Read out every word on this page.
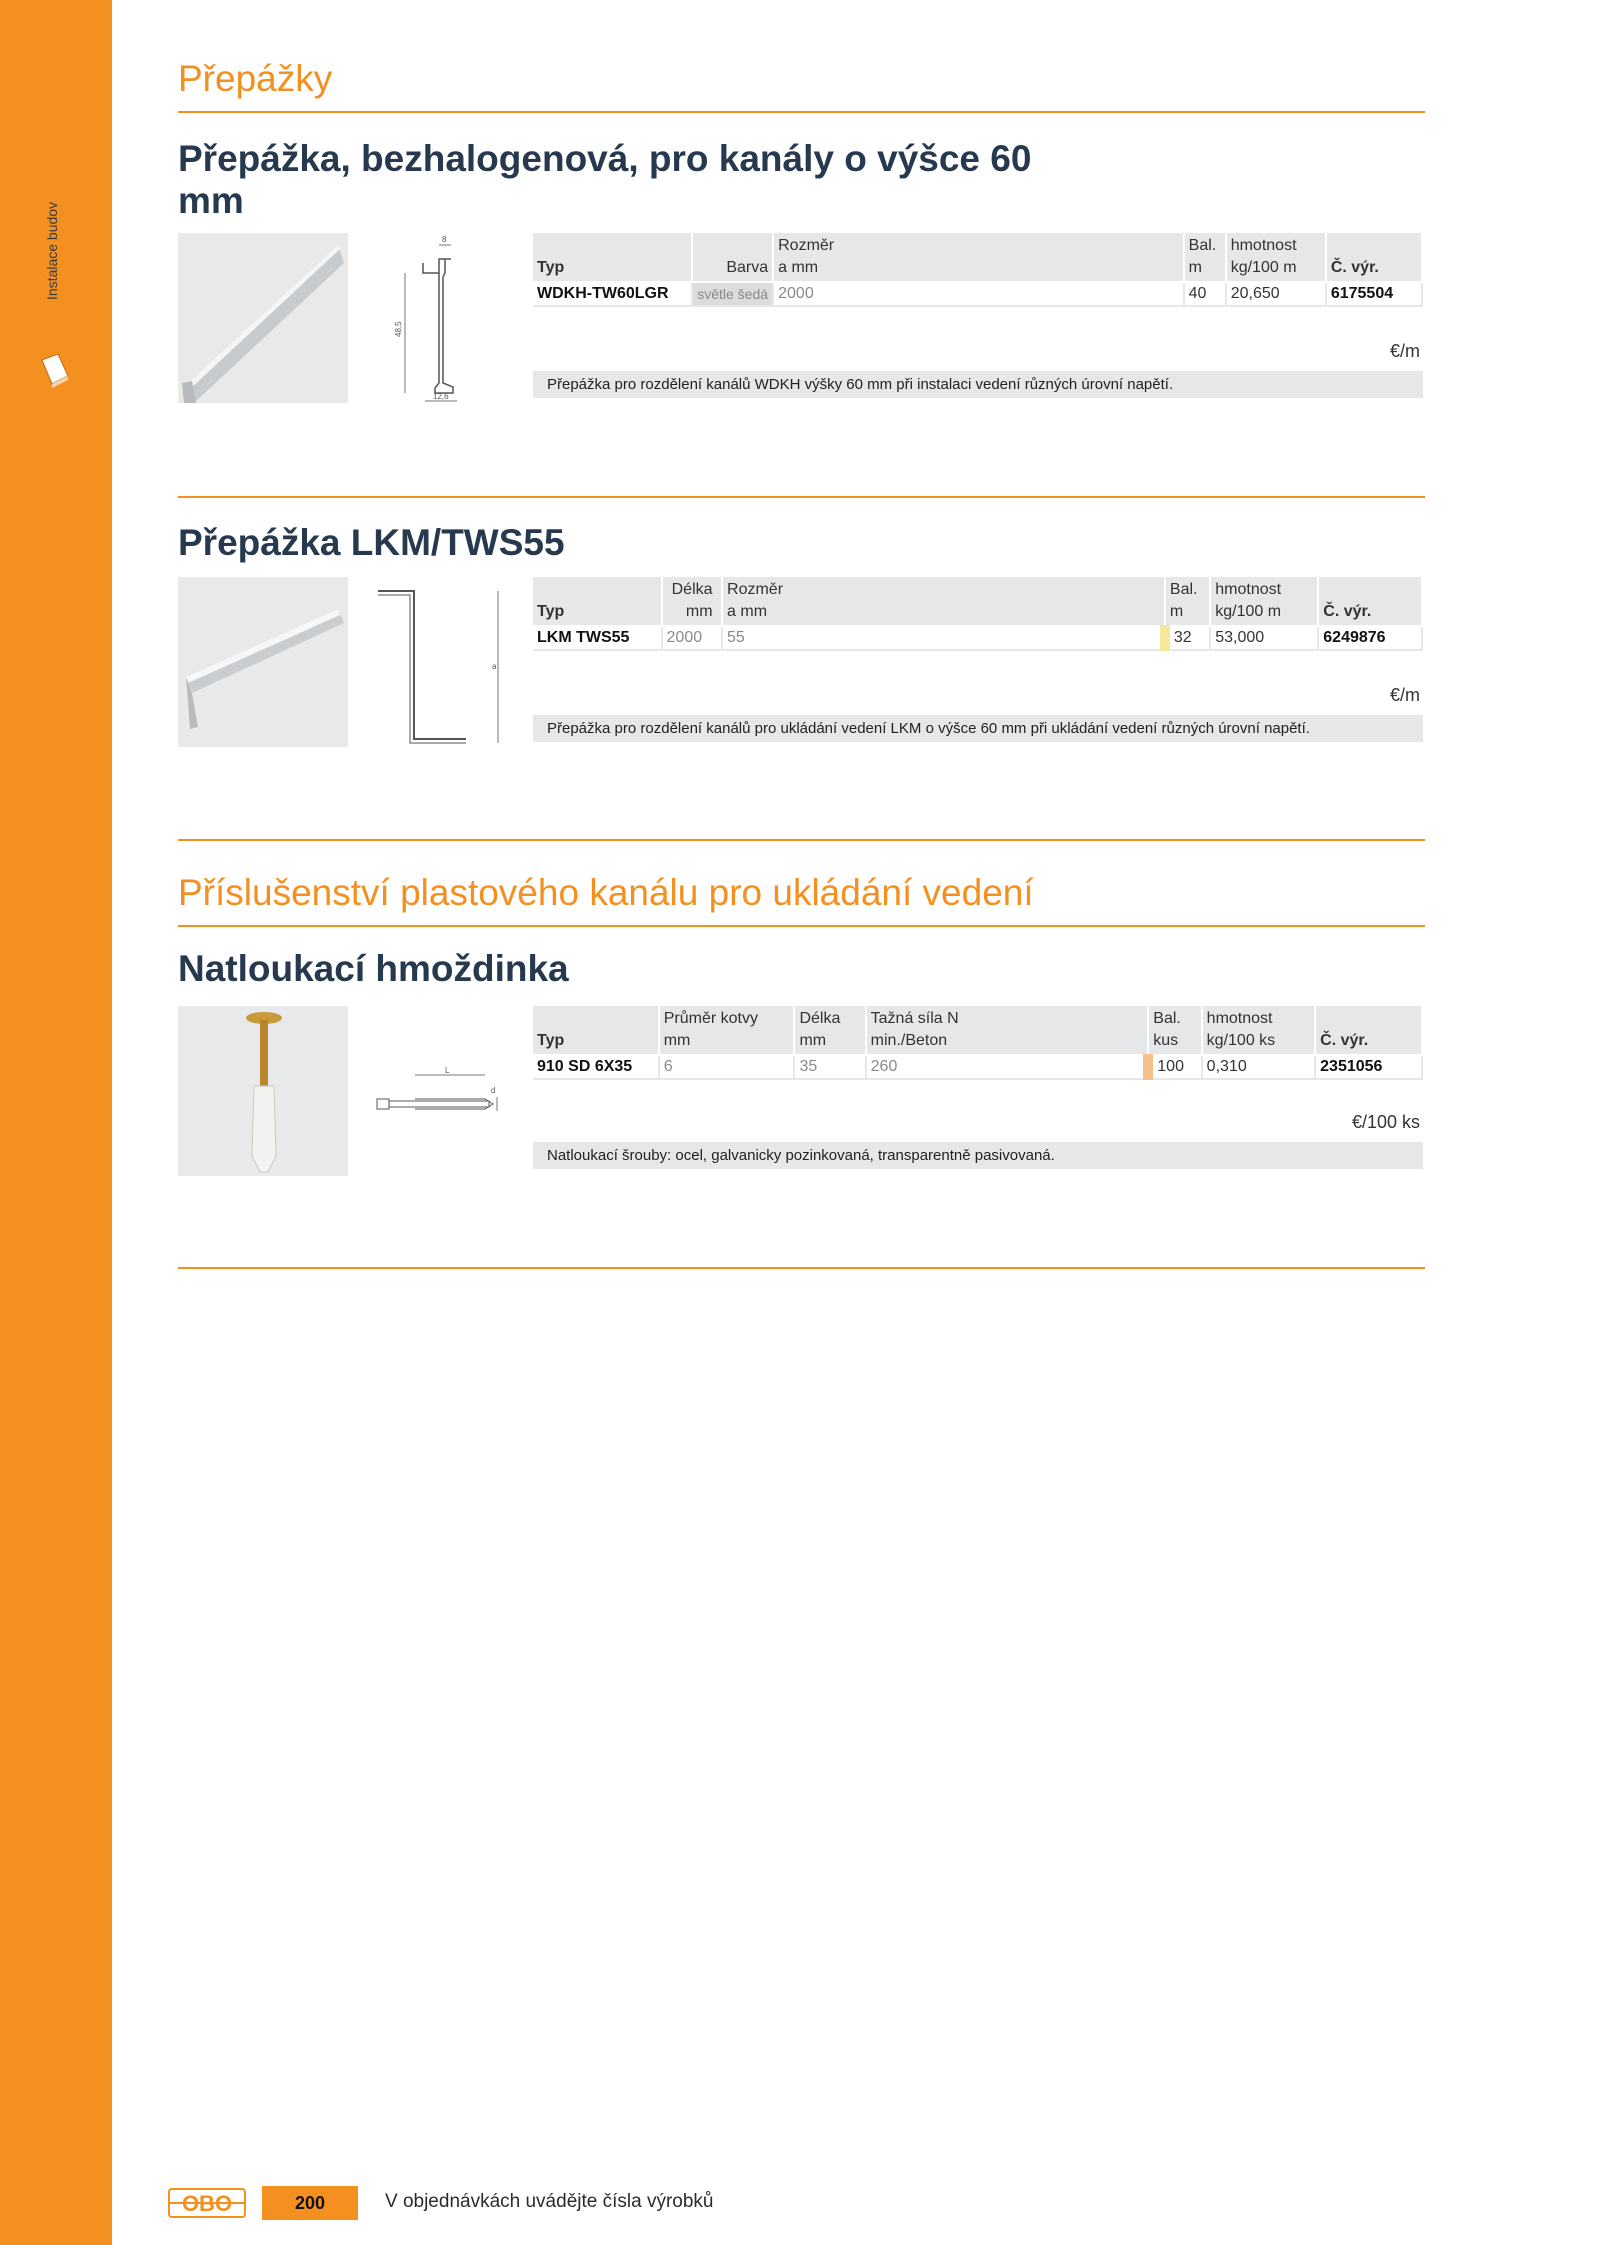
Instalace budov
Přepážky
Přepážka, bezhalogenová, pro kanály o výšce 60 mm
8
48,5
12,6
Typ	Barva	Rozměr a mm	Bal. m	hmotnost kg/100 m	Č. výr.
WDKH-TW60LGR	světle šedá	2000	40	20,650	6175504
€/m
Přepážka pro rozdělení kanálů WDKH výšky 60 mm při instalaci vedení různých úrovní napětí.
Přepážka LKM/TWS55
a
Typ	Délka mm	Rozměr a mm	Bal. m	hmotnost kg/100 m	Č. výr.
LKM TWS55	2000	55	32	53,000	6249876
€/m
Přepážka pro rozdělení kanálů pro ukládání vedení LKM o výšce 60 mm při ukládání vedení různých úrovní napětí.
Příslušenství plastového kanálu pro ukládání vedení
Natloukací hmoždinka
L
d
Typ	Průměr kotvy mm	Délka mm	Tažná síla N min./Beton	Bal. kus	hmotnost kg/100 ks	Č. výr.
910 SD 6X35	6	35	260	100	0,310	2351056
€/100 ks
Natloukací šrouby: ocel, galvanicky pozinkovaná, transparentně pasivovaná.
OBO	200	V objednávkách uvádějte čísla výrobků
